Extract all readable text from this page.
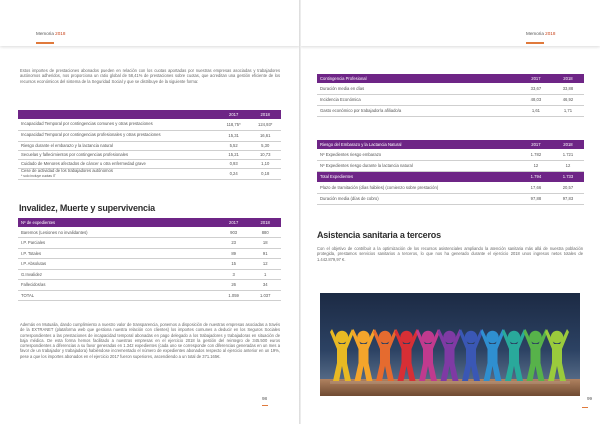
Memoria 2018

Estos importes de prestaciones abonados pueden en relación con los cuotas aportadas por nuestras empresas asociadas y trabajadores autónomos adheridos, nos proporciona un ratio global de 58,41% de prestaciones sobre cuotas, que acreditan una gestión eficiente de los recursos económicos del sistema de la Seguridad Social y que se distribuye de la siguiente forma:

	2017	2018
Incapacidad Temporal por contingencias comunes y otras prestaciones	118,75*	124,93*
Incapacidad Temporal por contingencias profesionales y otras prestaciones	15,31	16,61
Riesgo durante el embarazo y la lactancia natural	5,52	5,30
Secuelas y fallecimientos por contingencias profesionales	15,21	10,73
Cuidado de Menores afectados de cáncer u otra enfermedad grave	0,93	1,10
Cese de actividad de los trabajadores autónomos
* solo incluye cuotas IT	0,24	0,18
Invalidez, Muerte y supervivencia
Nº de expedientes	2017	2018
Baremos (Lesiones no invalidantes)	903	880
I.P. Parciales	23	18
I.P. Totales	89	91
I.P. Absolutas	15	12
G.Invalidez	3	1
Fallecidos/as	26	34
TOTAL	1.059	1.037

Además en Mutualia, dando cumplimiento a nuestro valor de transparencia, ponemos a disposición de nuestras empresas asociadas a través de la EXTRANET (plataforma web que gestiona nuestra relación con clientes) los importes comunes a deducir en los Seguros Sociales correspondientes a las prestaciones de incapacidad temporal abonadas en pago delegado a los trabajadores y trabajadoras en situación de baja médica. De esta forma hemos facilitado a nuestras empresas en el ejercicio 2018 la gestión del reintegro de 345.500 euros correspondientes a diferencias a su favor generadas en 1.342 expedientes (cada uno se corresponde con diferencias generadas en un mes a favor de un trabajador y trabajadora) habiéndose incrementado el número de expedientes abonados respecto al ejercicio anterior en un 19%, pese a que los importes abonados en el ejercicio 2017 fueron superiores, ascendiendo a un total de 371.165€.

98
Memoria 2018
Contingencia Profesional	2017	2018
Duración media en días	33,67	33,88
Incidencia Económica	48,03	46,92
Gasto económico por trabajador/a afiliado/a	1,61	1,71
Riesgo del Embarazo y la Lactancia Natural	2017	2018
Nº Expedientes riesgo embarazo	1.782	1.721
Nº Expedientes riesgo durante la lactancia natural	12	12
Total Expedientes	1.794	1.733
Plazo de tramitación (días hábiles) (comienzo sobre prestación)	17,66	20,57
Duración media (días de cobro)	97,88	97,83
Asistencia sanitaria a terceros

Con el objetivo de contribuir a la optimización de los recursos asistenciales ampliando la atención sanitaria más allá de nuestra población protegida, prestamos servicios sanitarios a terceros, lo que nos ha generado durante el ejercicio 2018 unos ingresos netos totales de 1.442.879,97 €.

99
